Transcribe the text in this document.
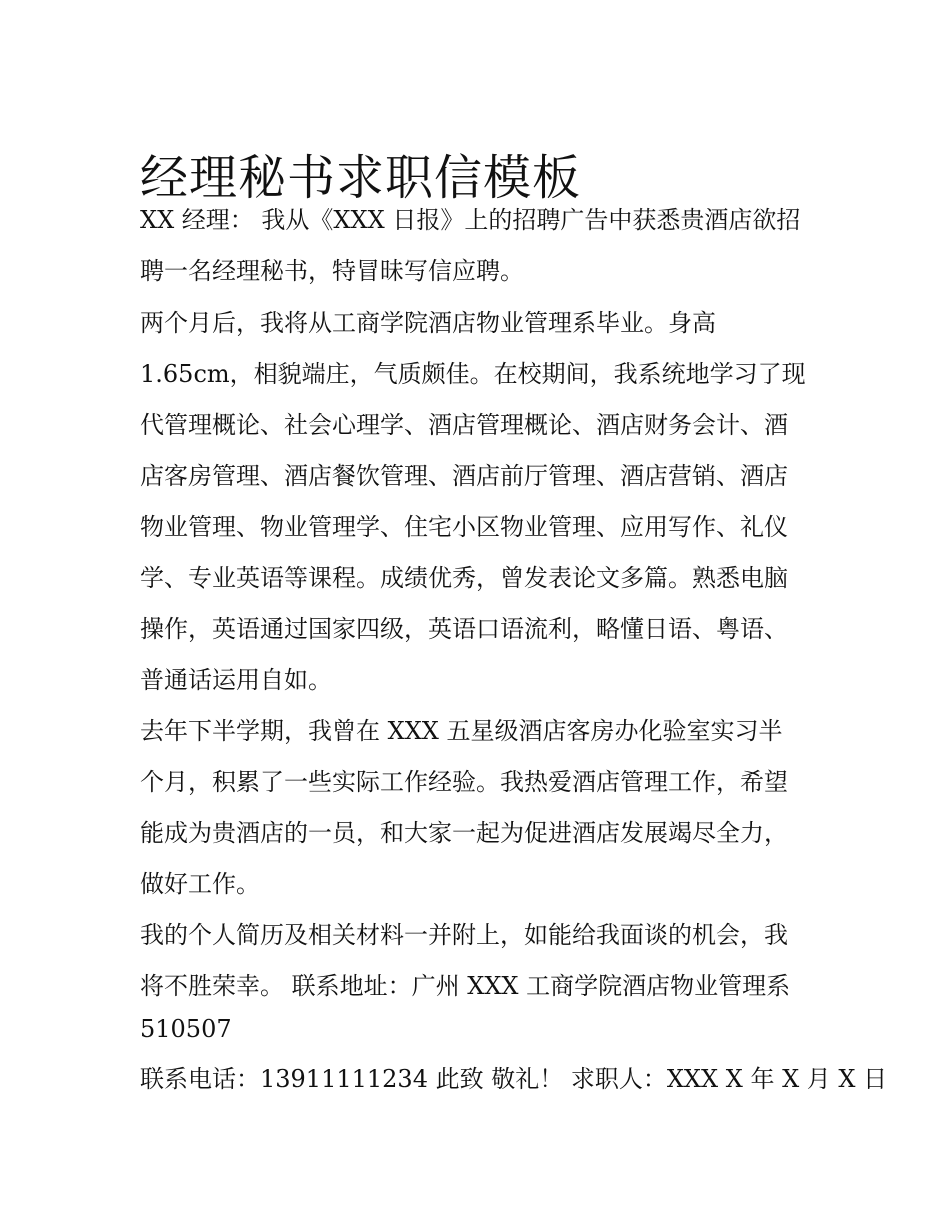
经理秘书求职信模板
XX 经理： 我从《XXX 日报》上的招聘广告中获悉贵酒店欲招
聘一名经理秘书，特冒昧写信应聘。
两个月后，我将从工商学院酒店物业管理系毕业。身高
1.65cm，相貌端庄，气质颇佳。在校期间，我系统地学习了现
代管理概论、社会心理学、酒店管理概论、酒店财务会计、酒
店客房管理、酒店餐饮管理、酒店前厅管理、酒店营销、酒店
物业管理、物业管理学、住宅小区物业管理、应用写作、礼仪
学、专业英语等课程。成绩优秀，曾发表论文多篇。熟悉电脑
操作，英语通过国家四级，英语口语流利，略懂日语、粤语、
普通话运用自如。
去年下半学期，我曾在 XXX 五星级酒店客房办化验室实习半
个月，积累了一些实际工作经验。我热爱酒店管理工作，希望
能成为贵酒店的一员，和大家一起为促进酒店发展竭尽全力，
做好工作。
我的个人简历及相关材料一并附上，如能给我面谈的机会，我
将不胜荣幸。 联系地址：广州 XXX 工商学院酒店物业管理系
510507
联系电话：13911111234 此致 敬礼！ 求职人：XXX X 年 X 月 X 日
